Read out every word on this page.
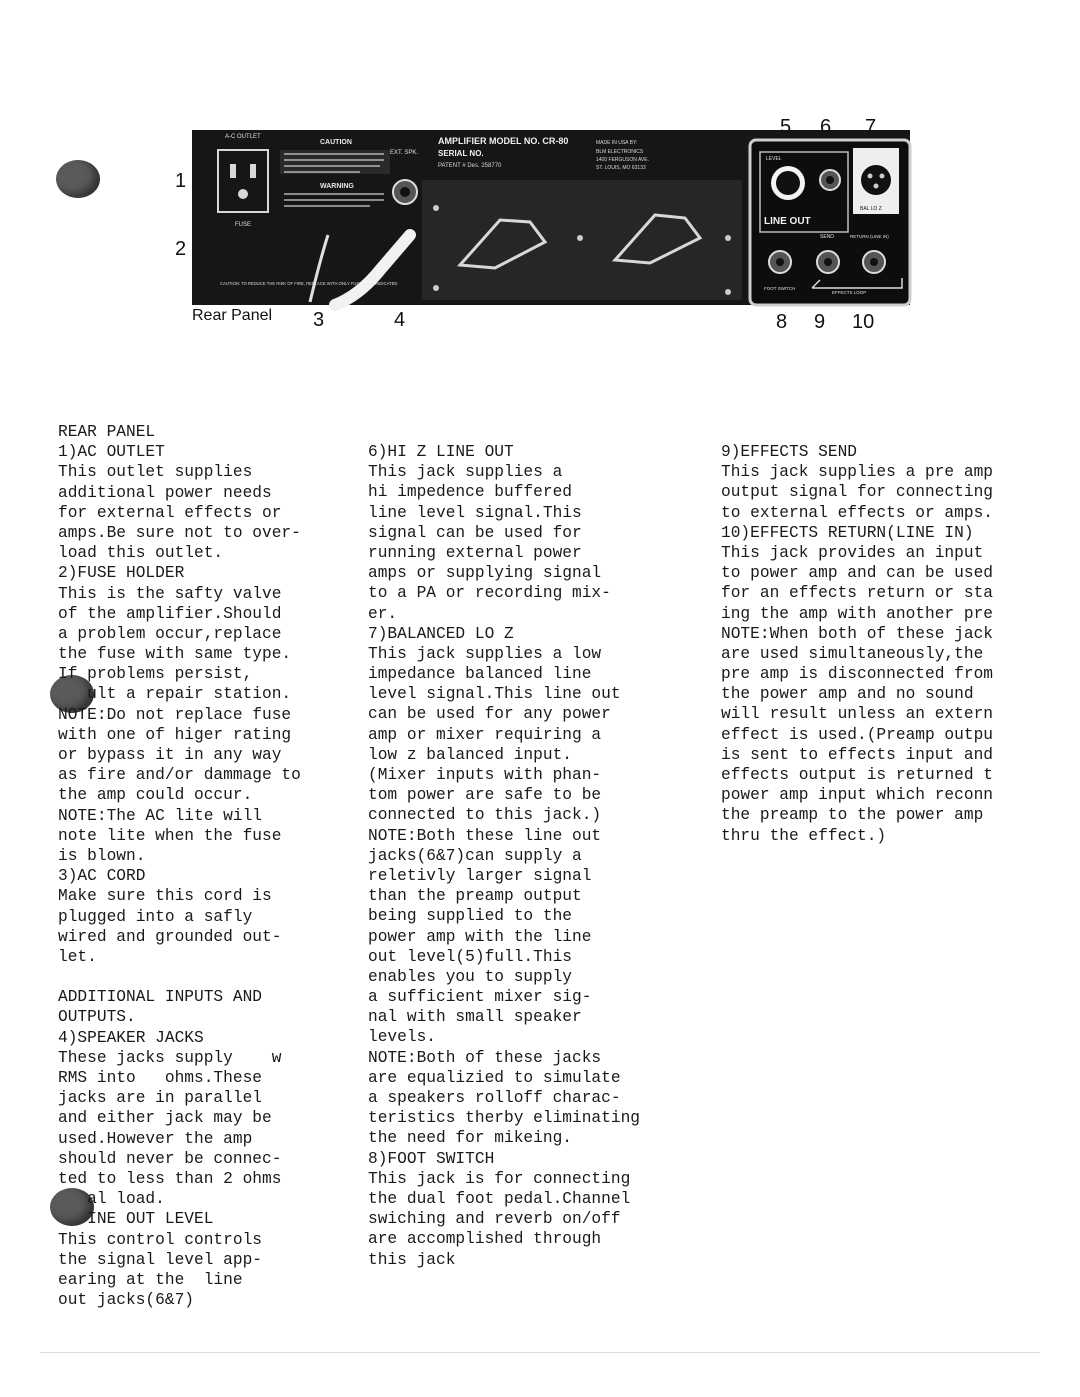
A-C OUTLET
FUSE
CAUTION
WARNING
CAUTION: TO REDUCE THE RISK OF FIRE, REPLACE WITH ONLY FUSE TYPE INDICATED
EXT. SPK.
AMPLIFIER MODEL NO. CR-80
SERIAL NO.
PATENT # Des. 258770
MADE IN USA BY:
BLM ELECTRONICS
1400 FERGUSON AVE.
ST. LOUIS, MO 63133
LEVEL
LINE OUT
BAL LO Z
SEND	RETURN (LINE IN)
FOOT SWITCH
EFFECTS LOOP
1
2
3	4
5 6 7
8 9 10
Rear Panel
REAR PANEL
1)AC OUTLET
This outlet supplies
additional power needs
for external effects or
amps.Be sure not to over-
load this outlet.
2)FUSE HOLDER
This is the safty valve
of the amplifier.Should
a problem occur,replace
the fuse with same type.
If problems persist,
ult a repair station.
NOTE:Do not replace fuse
with one of higer rating
or bypass it in any way
as fire and/or dammage to
the amp could occur.
NOTE:The AC lite will
note lite when the fuse
is blown.
3)AC CORD
Make sure this cord is
plugged into a safly
wired and grounded out-
let.
ADDITIONAL INPUTS AND
OUTPUTS.
4)SPEAKER JACKS
These jacks supply    w
RMS into   ohms.These
jacks are in parallel
and either jack may be
used.However the amp
should never be connec-
ted to less than 2 ohms
al load.
INE OUT LEVEL
This control controls
the signal level app-
earing at the  line
out jacks(6&7)
6)HI Z LINE OUT
This jack supplies a
hi impedence buffered
line level signal.This
signal can be used for
running external power
amps or supplying signal
to a PA or recording mix-
er.
7)BALANCED LO Z
This jack supplies a low
impedance balanced line
level signal.This line out
can be used for any power
amp or mixer requiring a
low z balanced input.
(Mixer inputs with phan-
tom power are safe to be
connected to this jack.)
NOTE:Both these line out
jacks(6&7)can supply a
reletivly larger signal
than the preamp output
being supplied to the
power amp with the line
out level(5)full.This
enables you to supply
a sufficient mixer sig-
nal with small speaker
levels.
NOTE:Both of these jacks
are equalizied to simulate
a speakers rolloff charac-
teristics therby eliminating
the need for mikeing.
8)FOOT SWITCH
This jack is for connecting
the dual foot pedal.Channel
swiching and reverb on/off
are accomplished through
this jack
9)EFFECTS SEND
This jack supplies a pre amp
output signal for connecting
to external effects or amps.
10)EFFECTS RETURN(LINE IN)
This jack provides an input
to power amp and can be used
for an effects return or sta
ing the amp with another pre
NOTE:When both of these jack
are used simultaneously,the
pre amp is disconnected from
the power amp and no sound
will result unless an extern
effect is used.(Preamp outpu
is sent to effects input and
effects output is returned t
power amp input which reconn
the preamp to the power amp
thru the effect.)
